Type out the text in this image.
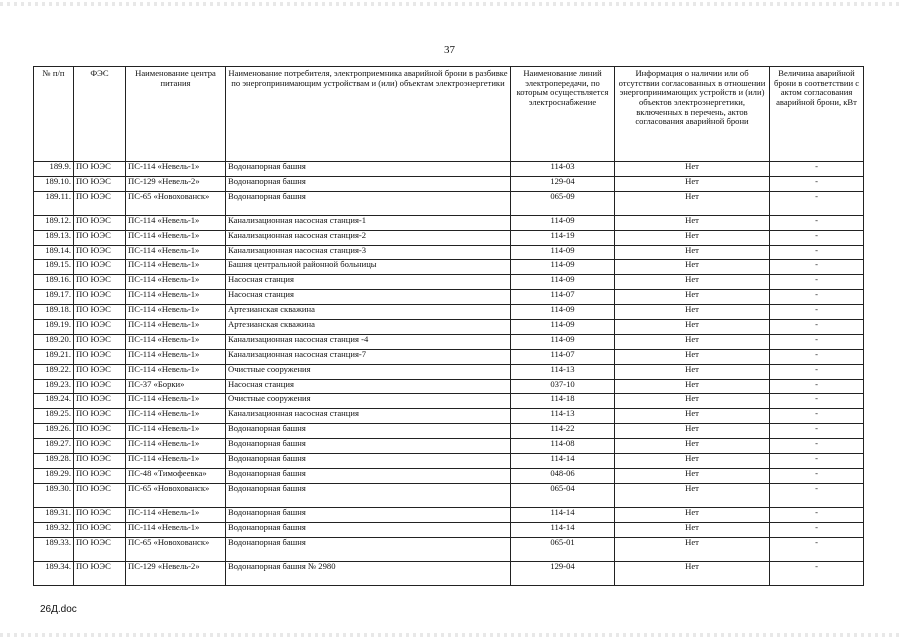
37
№ п/п	ФЭС	Наименование центра питания	Наименование потребителя, электроприемника аварийной брони в разбивке по энергопринимающим устройствам и (или) объектам электроэнергетики	Наименование линий электропередачи, по которым осуществляется электроснабжение	Информация о наличии или об отсутствии согласованных в отношении энергопринимающих устройств и (или) объектов электроэнергетики, включенных в перечень, актов согласования аварийной брони	Величина аварийной брони в соответствии с актом согласования аварийной брони, кВт
189.9.	ПО ЮЭС	ПС-114 «Невель-1»	Водонапорная башня	114-03	Нет	-
189.10.	ПО ЮЭС	ПС-129 «Невель-2»	Водонапорная башня	129-04	Нет	-
189.11.	ПО ЮЭС	ПС-65 «Новохованск»	Водонапорная башня	065-09	Нет	-
189.12.	ПО ЮЭС	ПС-114 «Невель-1»	Канализационная насосная станция-1	114-09	Нет	-
189.13.	ПО ЮЭС	ПС-114 «Невель-1»	Канализационная насосная станция-2	114-19	Нет	-
189.14.	ПО ЮЭС	ПС-114 «Невель-1»	Канализационная насосная станция-3	114-09	Нет	-
189.15.	ПО ЮЭС	ПС-114 «Невель-1»	Башня центральной районной больницы	114-09	Нет	-
189.16.	ПО ЮЭС	ПС-114 «Невель-1»	Насосная станция	114-09	Нет	-
189.17.	ПО ЮЭС	ПС-114 «Невель-1»	Насосная станция	114-07	Нет	-
189.18.	ПО ЮЭС	ПС-114 «Невель-1»	Артезианская скважина	114-09	Нет	-
189.19.	ПО ЮЭС	ПС-114 «Невель-1»	Артезианская скважина	114-09	Нет	-
189.20.	ПО ЮЭС	ПС-114 «Невель-1»	Канализационная насосная станция -4	114-09	Нет	-
189.21.	ПО ЮЭС	ПС-114 «Невель-1»	Канализационная насосная станция-7	114-07	Нет	-
189.22.	ПО ЮЭС	ПС-114 «Невель-1»	Очистные сооружения	114-13	Нет	-
189.23.	ПО ЮЭС	ПС-37 «Борки»	Насосная станция	037-10	Нет	-
189.24.	ПО ЮЭС	ПС-114 «Невель-1»	Очистные сооружения	114-18	Нет	-
189.25.	ПО ЮЭС	ПС-114 «Невель-1»	Канализационная насосная станция	114-13	Нет	-
189.26.	ПО ЮЭС	ПС-114 «Невель-1»	Водонапорная башня	114-22	Нет	-
189.27.	ПО ЮЭС	ПС-114 «Невель-1»	Водонапорная башня	114-08	Нет	-
189.28.	ПО ЮЭС	ПС-114 «Невель-1»	Водонапорная башня	114-14	Нет	-
189.29.	ПО ЮЭС	ПС-48 «Тимофеевка»	Водонапорная башня	048-06	Нет	-
189.30.	ПО ЮЭС	ПС-65 «Новохованск»	Водонапорная башня	065-04	Нет	-
189.31.	ПО ЮЭС	ПС-114 «Невель-1»	Водонапорная башня	114-14	Нет	-
189.32.	ПО ЮЭС	ПС-114 «Невель-1»	Водонапорная башня	114-14	Нет	-
189.33.	ПО ЮЭС	ПС-65 «Новохованск»	Водонапорная башня	065-01	Нет	-
189.34.	ПО ЮЭС	ПС-129 «Невель-2»	Водонапорная башня № 2980	129-04	Нет	-
26Д.doc
